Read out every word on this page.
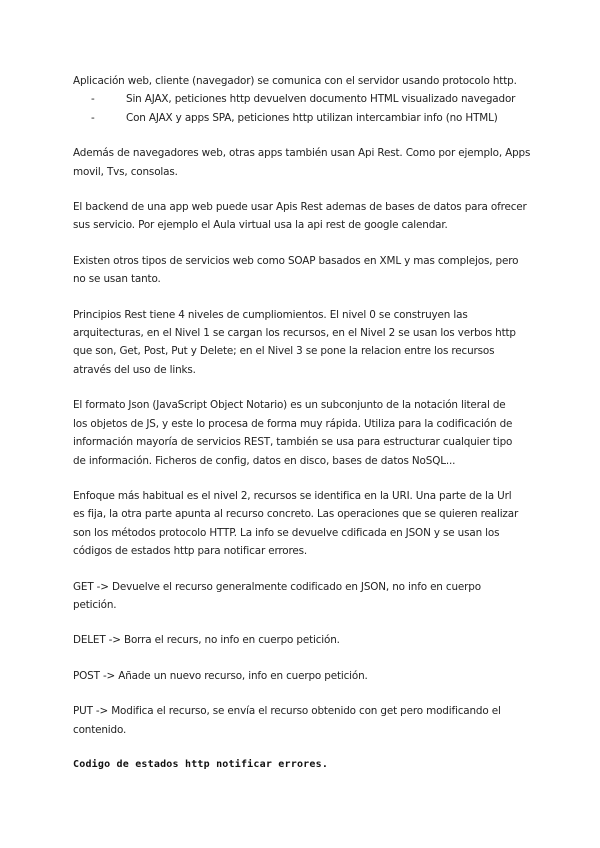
Aplicación web, cliente (navegador) se comunica con el servidor usando protocolo http.

-	Sin AJAX, peticiones http devuelven documento HTML visualizado navegador
-	Con AJAX y apps SPA, peticiones http utilizan intercambiar info (no HTML)

Además de navegadores web, otras apps también usan Api Rest. Como por ejemplo, Apps
movil, Tvs, consolas.

El backend de una app web puede usar Apis Rest ademas de bases de datos para ofrecer
sus servicio. Por ejemplo el Aula virtual usa la api rest de google calendar.

Existen otros tipos de servicios web como SOAP basados en XML y mas complejos, pero
no se usan tanto.

Principios Rest tiene 4 niveles de cumpliomientos. El nivel 0 se construyen las
arquitecturas, en el Nivel 1 se cargan los recursos, en el Nivel 2 se usan los verbos http
que son, Get, Post, Put y Delete; en el Nivel 3 se pone la relacion entre los recursos
através del uso de links.

El formato Json (JavaScript Object Notario) es un subconjunto de la notación literal de
los objetos de JS, y este lo procesa de forma muy rápida. Utiliza para la codificación de
información mayoría de servicios REST, también se usa para estructurar cualquier tipo
de información. Ficheros de config, datos en disco, bases de datos NoSQL...

Enfoque más habitual es el nivel 2, recursos se identifica en la URI. Una parte de la Url
es fija, la otra parte apunta al recurso concreto. Las operaciones que se quieren realizar
son los métodos protocolo HTTP. La info se devuelve cdificada en JSON y se usan los
códigos de estados http para notificar errores.

GET -> Devuelve el recurso generalmente codificado en JSON, no info en cuerpo
petición.

DELET -> Borra el recurs, no info en cuerpo petición.

POST -> Añade un nuevo recurso, info en cuerpo petición.

PUT -> Modifica el recurso, se envía el recurso obtenido con get pero modificando el
contenido.

Codigo de estados http notificar errores.
